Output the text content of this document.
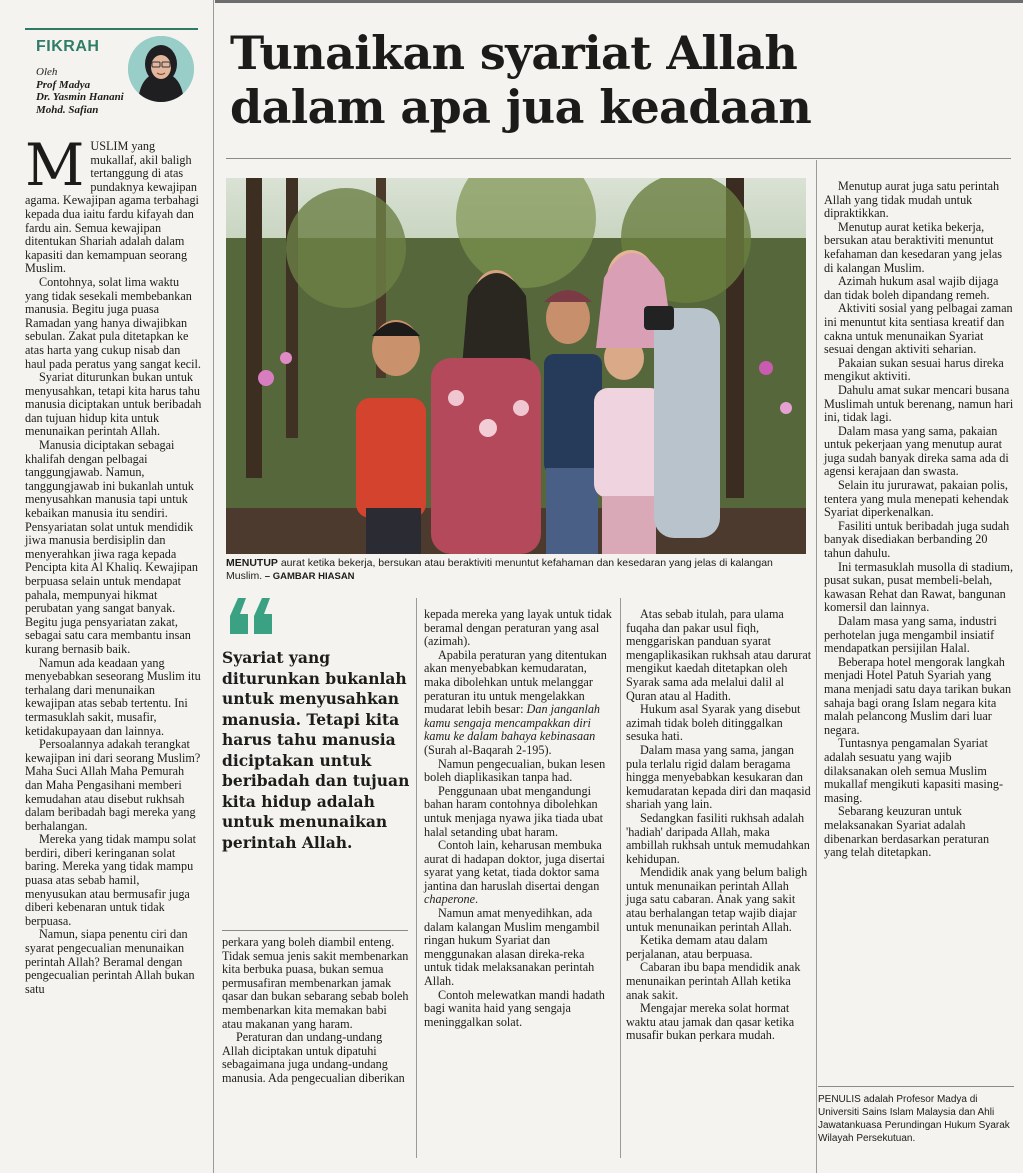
FIKRAH
Oleh
Prof Madya
Dr. Yasmin Hanani
Mohd. Safian
Tunaikan syariat Allah
dalam apa jua keadaan

MUSLIM yang mukallaf, akil baligh tertanggung di atas pundaknya kewajipan agama. Kewajipan agama terbahagi kepada dua iaitu fardu kifayah dan fardu ain. Semua kewajipan ditentukan Shariah adalah dalam kapasiti dan kemampuan seorang Muslim.

Contohnya, solat lima waktu yang tidak sesekali membebankan manusia. Begitu juga puasa Ramadan yang hanya diwajibkan sebulan. Zakat pula ditetapkan ke atas harta yang cukup nisab dan haul pada peratus yang sangat kecil.

Syariat diturunkan bukan untuk menyusahkan, tetapi kita harus tahu manusia diciptakan untuk beribadah dan tujuan hidup kita untuk menunaikan perintah Allah.

Manusia diciptakan sebagai khalifah dengan pelbagai tanggungjawab. Namun, tanggungjawab ini bukanlah untuk menyusahkan manusia tapi untuk kebaikan manusia itu sendiri. Pensyariatan solat untuk mendidik jiwa manusia berdisiplin dan menyerahkan jiwa raga kepada Pencipta kita Al Khaliq. Kewajipan berpuasa selain untuk mendapat pahala, mempunyai hikmat perubatan yang sangat banyak. Begitu juga pensyariatan zakat, sebagai satu cara membantu insan kurang bernasib baik.

Namun ada keadaan yang menyebabkan seseorang Muslim itu terhalang dari menunaikan kewajipan atas sebab tertentu. Ini termasuklah sakit, musafir, ketidakupayaan dan lainnya.

Persoalannya adakah terangkat kewajipan ini dari seorang Muslim? Maha Suci Allah Maha Pemurah dan Maha Pengasihani memberi kemudahan atau disebut rukhsah dalam beribadah bagi mereka yang berhalangan.

Mereka yang tidak mampu solat berdiri, diberi keringanan solat baring. Mereka yang tidak mampu puasa atas sebab hamil, menyusukan atau bermusafir juga diberi kebenaran untuk tidak berpuasa.

Namun, siapa penentu ciri dan syarat pengecualian menunaikan perintah Allah? Beramal dengan pengecualian perintah Allah bukan satu

MENUTUP aurat ketika bekerja, bersukan atau beraktiviti menuntut kefahaman dan kesedaran yang jelas di kalangan Muslim. – GAMBAR HIASAN
Syariat yang diturunkan bukanlah untuk menyusahkan manusia. Tetapi kita harus tahu manusia diciptakan untuk beribadah dan tujuan kita hidup adalah untuk menunaikan perintah Allah.

perkara yang boleh diambil enteng. Tidak semua jenis sakit membenarkan kita berbuka puasa, bukan semua permusafiran membenarkan jamak qasar dan bukan sebarang sebab boleh membenarkan kita memakan babi atau makanan yang haram.

Peraturan dan undang-undang Allah diciptakan untuk dipatuhi sebagaimana juga undang-undang manusia. Ada pengecualian diberikan

kepada mereka yang layak untuk tidak beramal dengan peraturan yang asal (azimah).

Apabila peraturan yang ditentukan akan menyebabkan kemudaratan, maka dibolehkan untuk melanggar peraturan itu untuk mengelakkan mudarat lebih besar: Dan janganlah kamu sengaja mencampakkan diri kamu ke dalam bahaya kebinasaan (Surah al-Baqarah 2-195).

Namun pengecualian, bukan lesen boleh diaplikasikan tanpa had.

Penggunaan ubat mengandungi bahan haram contohnya dibolehkan untuk menjaga nyawa jika tiada ubat halal setanding ubat haram.

Contoh lain, keharusan membuka aurat di hadapan doktor, juga disertai syarat yang ketat, tiada doktor sama jantina dan haruslah disertai dengan chaperone.

Namun amat menyedihkan, ada dalam kalangan Muslim mengambil ringan hukum Syariat dan menggunakan alasan direka-reka untuk tidak melaksanakan perintah Allah.

Contoh melewatkan mandi hadath bagi wanita haid yang sengaja meninggalkan solat.

Atas sebab itulah, para ulama fuqaha dan pakar usul fiqh, menggariskan panduan syarat mengaplikasikan rukhsah atau darurat mengikut kaedah ditetapkan oleh Syarak sama ada melalui dalil al Quran atau al Hadith.

Hukum asal Syarak yang disebut azimah tidak boleh ditinggalkan sesuka hati.

Dalam masa yang sama, jangan pula terlalu rigid dalam beragama hingga menyebabkan kesukaran dan kemudaratan kepada diri dan maqasid shariah yang lain.

Sedangkan fasiliti rukhsah adalah 'hadiah' daripada Allah, maka ambillah rukhsah untuk memudahkan kehidupan.

Mendidik anak yang belum baligh untuk menunaikan perintah Allah juga satu cabaran. Anak yang sakit atau berhalangan tetap wajib diajar untuk menunaikan perintah Allah.

Ketika demam atau dalam perjalanan, atau berpuasa.

Cabaran ibu bapa mendidik anak menunaikan perintah Allah ketika anak sakit.

Mengajar mereka solat hormat waktu atau jamak dan qasar ketika musafir bukan perkara mudah.

Menutup aurat juga satu perintah Allah yang tidak mudah untuk dipraktikkan.

Menutup aurat ketika bekerja, bersukan atau beraktiviti menuntut kefahaman dan kesedaran yang jelas di kalangan Muslim.

Azimah hukum asal wajib dijaga dan tidak boleh dipandang remeh.

Aktiviti sosial yang pelbagai zaman ini menuntut kita sentiasa kreatif dan cakna untuk menunaikan Syariat sesuai dengan aktiviti seharian.

Pakaian sukan sesuai harus direka mengikut aktiviti.

Dahulu amat sukar mencari busana Muslimah untuk berenang, namun hari ini, tidak lagi.

Dalam masa yang sama, pakaian untuk pekerjaan yang menutup aurat juga sudah banyak direka sama ada di agensi kerajaan dan swasta.

Selain itu jururawat, pakaian polis, tentera yang mula menepati kehendak Syariat diperkenalkan.

Fasiliti untuk beribadah juga sudah banyak disediakan berbanding 20 tahun dahulu.

Ini termasuklah musolla di stadium, pusat sukan, pusat membeli-belah, kawasan Rehat dan Rawat, bangunan komersil dan lainnya.

Dalam masa yang sama, industri perhotelan juga mengambil insiatif mendapatkan persijilan Halal.

Beberapa hotel mengorak langkah menjadi Hotel Patuh Syariah yang mana menjadi satu daya tarikan bukan sahaja bagi orang Islam negara kita malah pelancong Muslim dari luar negara.

Tuntasnya pengamalan Syariat adalah sesuatu yang wajib dilaksanakan oleh semua Muslim mukallaf mengikuti kapasiti masing-masing.

Sebarang keuzuran untuk melaksanakan Syariat adalah dibenarkan berdasarkan peraturan yang telah ditetapkan.

PENULIS adalah Profesor Madya di Universiti Sains Islam Malaysia dan Ahli Jawatankuasa Perundingan Hukum Syarak Wilayah Persekutuan.
